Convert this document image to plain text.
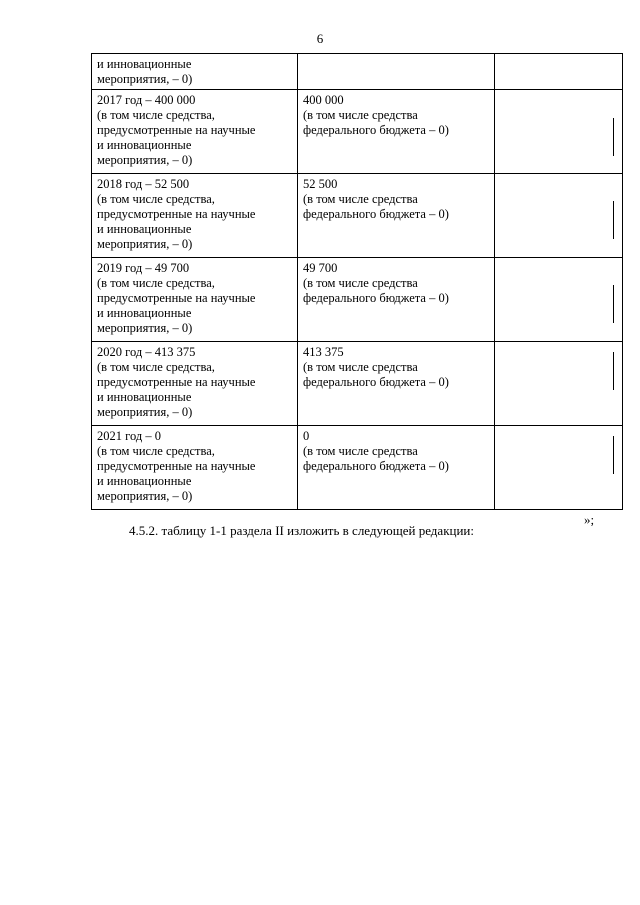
6
и инновационные
мероприятия, – 0)		

2017 год – 400 000
(в том числе средства,
предусмотренные на научные
и инновационные
мероприятия, – 0)	400 000
(в том числе средства
федерального бюджета – 0)	

2018 год – 52 500
(в том числе средства,
предусмотренные на научные
и инновационные
мероприятия, – 0)	52 500
(в том числе средства
федерального бюджета – 0)	

2019 год – 49 700
(в том числе средства,
предусмотренные на научные
и инновационные
мероприятия, – 0)	49 700
(в том числе средства
федерального бюджета – 0)	

2020 год – 413 375
(в том числе средства,
предусмотренные на научные
и инновационные
мероприятия, – 0)	413 375
(в том числе средства
федерального бюджета – 0)	

2021 год – 0
(в том числе средства,
предусмотренные на научные
и инновационные
мероприятия, – 0)	0
(в том числе средства
федерального бюджета – 0)	

»;
4.5.2. таблицу 1-1 раздела II изложить в следующей редакции:
